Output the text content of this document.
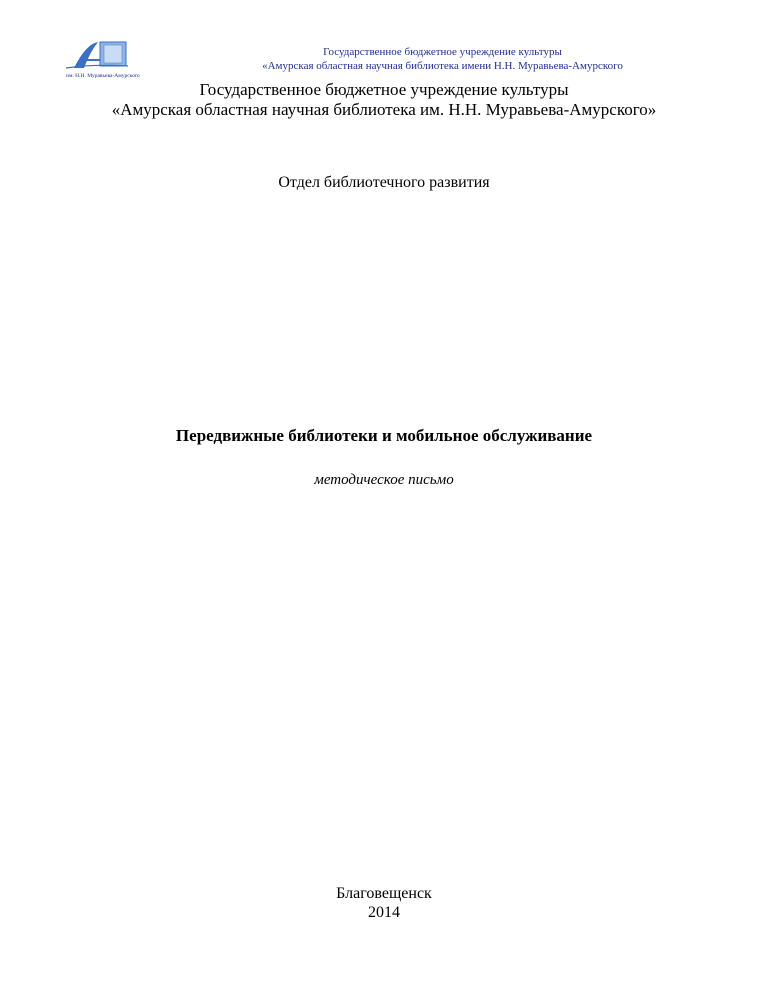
им. Н.Н. Муравьева-Амурского
Государственное бюджетное учреждение культуры
«Амурская областная научная библиотека имени Н.Н. Муравьева-Амурского
Государственное бюджетное учреждение культуры
«Амурская областная научная библиотека им. Н.Н. Муравьева-Амурского»
Отдел библиотечного развития
Передвижные библиотеки и мобильное обслуживание
методическое письмо
Благовещенск
2014
